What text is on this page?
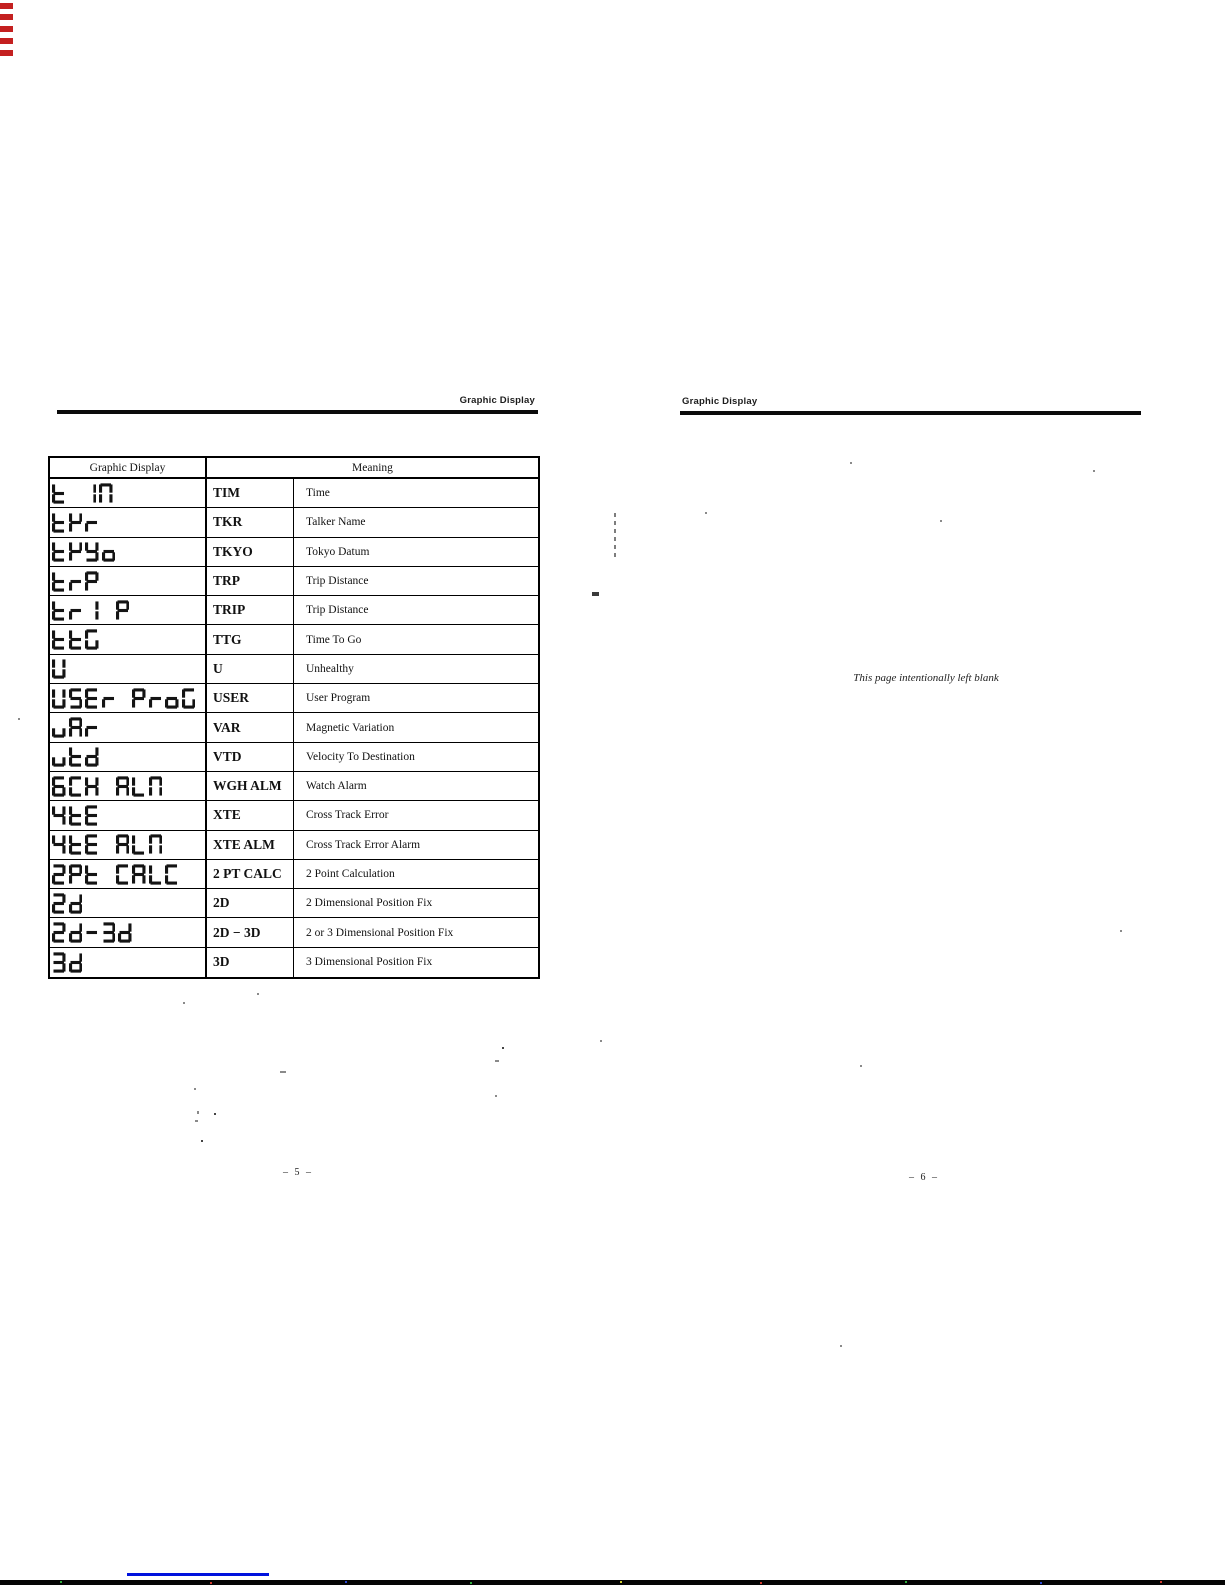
Graphic Display
Graphic Display	Meaning
TIM	Time
TKR	Talker Name
TKYO	Tokyo Datum
TRP	Trip Distance
TRIP	Trip Distance
TTG	Time To Go
U	Unhealthy
USER	User Program
VAR	Magnetic Variation
VTD	Velocity To Destination
WGH ALM	Watch Alarm
XTE	Cross Track Error
XTE ALM	Cross Track Error Alarm
2 PT CALC	2 Point Calculation
2D	2 Dimensional Position Fix
2D − 3D	2 or 3 Dimensional Position Fix
3D	3 Dimensional Position Fix
– 5 –
Graphic Display
This page intentionally left blank
– 6 –
